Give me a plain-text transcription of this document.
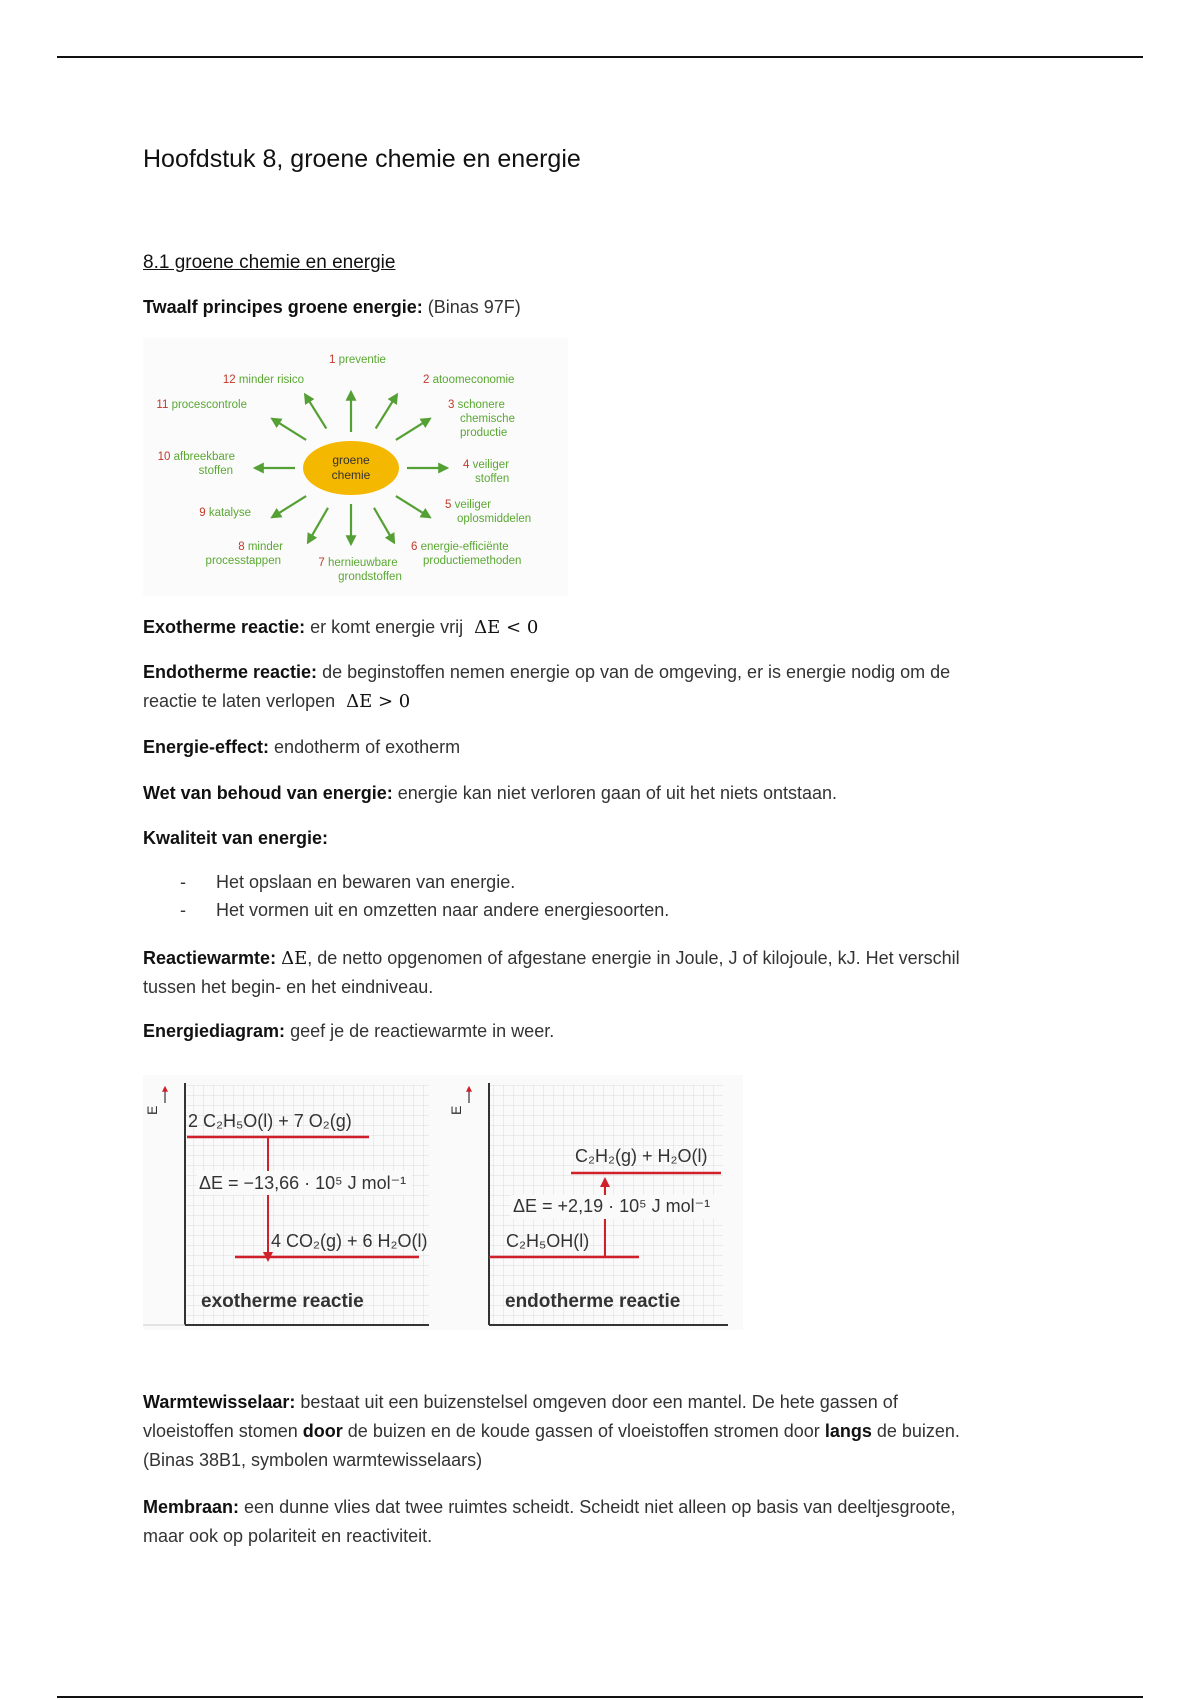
Hoofdstuk 8, groene chemie en energie
8.1 groene chemie en energie
Twaalf principes groene energie: (Binas 97F)
groene
chemie
1 preventie
2 atoomeconomie
3 schonere chemische productie
4 veiliger stoffen
5 veiliger oplosmiddelen
6 energie-efficiënte productiemethoden
7 hernieuwbare grondstoffen
8 minder processtappen
9 katalyse
10 afbreekbare stoffen
11 procescontrole
12 minder risico
Exotherme reactie: er komt energie vrij ΔE < 0
Endotherme reactie: de beginstoffen nemen energie op van de omgeving, er is energie nodig om de
reactie te laten verlopen ΔE > 0
Energie-effect: endotherm of exotherm
Wet van behoud van energie: energie kan niet verloren gaan of uit het niets ontstaan.
Kwaliteit van energie:
- Het opslaan en bewaren van energie.
- Het vormen uit en omzetten naar andere energiesoorten.
Reactiewarmte: ΔE, de netto opgenomen of afgestane energie in Joule, J of kilojoule, kJ. Het verschil
tussen het begin- en het eindniveau.
Energiediagram: geef je de reactiewarmte in weer.
E
2 C₂H₅O(l) + 7 O₂(g)
ΔE = −13,66 · 10⁵ J mol⁻¹
4 CO₂(g) + 6 H₂O(l)
exotherme reactie
E
C₂H₂(g) + H₂O(l)
ΔE = +2,19 · 10⁵ J mol⁻¹
C₂H₅OH(l)
endotherme reactie
Warmtewisselaar: bestaat uit een buizenstelsel omgeven door een mantel. De hete gassen of
vloeistoffen stomen door de buizen en de koude gassen of vloeistoffen stromen door langs de buizen.
(Binas 38B1, symbolen warmtewisselaars)
Membraan: een dunne vlies dat twee ruimtes scheidt. Scheidt niet alleen op basis van deeltjesgroote,
maar ook op polariteit en reactiviteit.
